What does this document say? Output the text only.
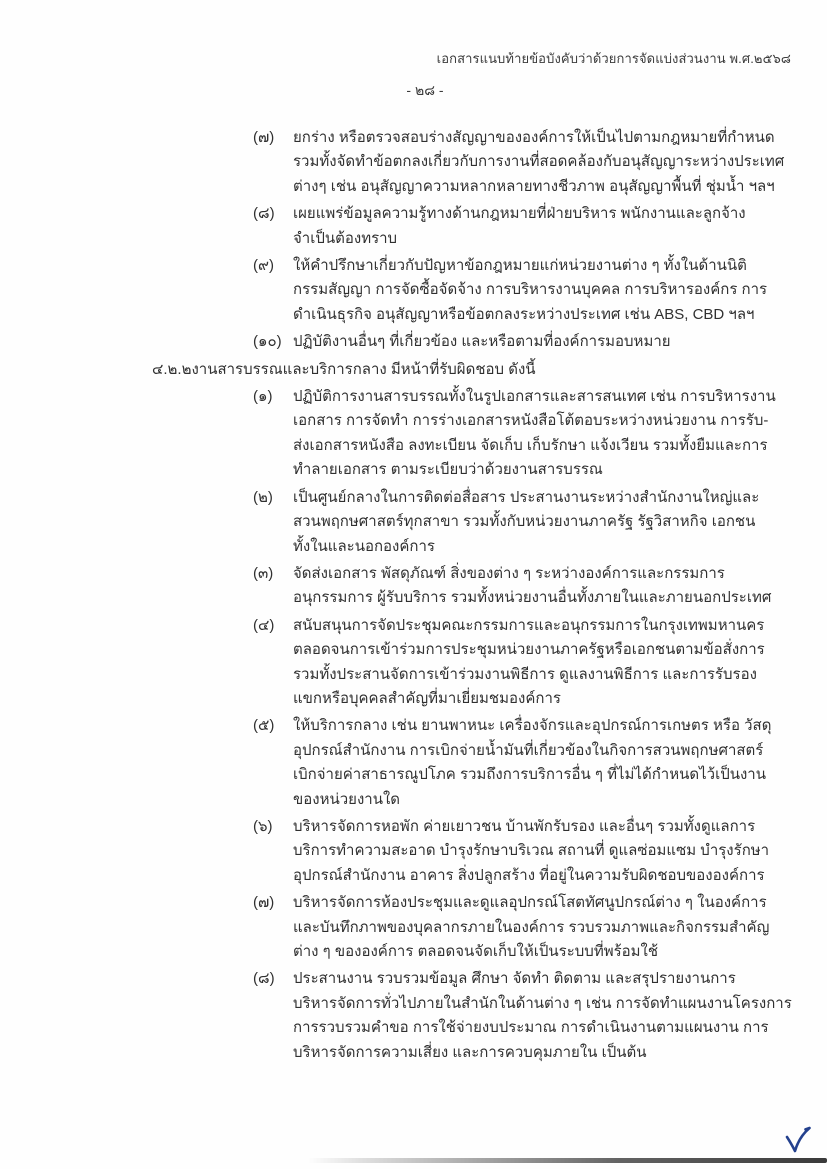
เอกสารแนบท้ายข้อบังคับว่าด้วยการจัดแบ่งส่วนงาน พ.ศ.๒๕๖๘
- ๒๘ -
(๗)	ยกร่าง หรือตรวจสอบร่างสัญญาขององค์การให้เป็นไปตามกฎหมายที่กำหนด
รวมทั้งจัดทำข้อตกลงเกี่ยวกับการงานที่สอดคล้องกับอนุสัญญาระหว่างประเทศ
ต่างๆ เช่น อนุสัญญาความหลากหลายทางชีวภาพ อนุสัญญาพื้นที่ ชุ่มน้ำ ฯลฯ
(๘)	เผยแพร่ข้อมูลความรู้ทางด้านกฎหมายที่ฝ่ายบริหาร พนักงานและลูกจ้าง
จำเป็นต้องทราบ
(๙)	ให้คำปรึกษาเกี่ยวกับปัญหาข้อกฎหมายแก่หน่วยงานต่าง ๆ ทั้งในด้านนิติ
กรรมสัญญา การจัดซื้อจัดจ้าง การบริหารงานบุคคล การบริหารองค์กร การ
ดำเนินธุรกิจ อนุสัญญาหรือข้อตกลงระหว่างประเทศ เช่น ABS, CBD ฯลฯ
(๑๐) ปฏิบัติงานอื่นๆ ที่เกี่ยวข้อง และหรือตามที่องค์การมอบหมาย
๔.๒.๒งานสารบรรณและบริการกลาง มีหน้าที่รับผิดชอบ ดังนี้
(๑)	ปฏิบัติการงานสารบรรณทั้งในรูปเอกสารและสารสนเทศ เช่น การบริหารงาน
เอกสาร การจัดทำ การร่างเอกสารหนังสือโต้ตอบระหว่างหน่วยงาน การรับ-
ส่งเอกสารหนังสือ ลงทะเบียน จัดเก็บ เก็บรักษา แจ้งเวียน รวมทั้งยืมและการ
ทำลายเอกสาร ตามระเบียบว่าด้วยงานสารบรรณ
(๒)	เป็นศูนย์กลางในการติดต่อสื่อสาร ประสานงานระหว่างสำนักงานใหญ่และ
สวนพฤกษศาสตร์ทุกสาขา รวมทั้งกับหน่วยงานภาครัฐ รัฐวิสาหกิจ เอกชน
ทั้งในและนอกองค์การ
(๓)	จัดส่งเอกสาร พัสดุภัณฑ์ สิ่งของต่าง ๆ ระหว่างองค์การและกรรมการ
อนุกรรมการ ผู้รับบริการ รวมทั้งหน่วยงานอื่นทั้งภายในและภายนอกประเทศ
(๔)	สนับสนุนการจัดประชุมคณะกรรมการและอนุกรรมการในกรุงเทพมหานคร
ตลอดจนการเข้าร่วมการประชุมหน่วยงานภาครัฐหรือเอกชนตามข้อสั่งการ
รวมทั้งประสานจัดการเข้าร่วมงานพิธีการ ดูแลงานพิธีการ และการรับรอง
แขกหรือบุคคลสำคัญที่มาเยี่ยมชมองค์การ
(๕)	ให้บริการกลาง เช่น ยานพาหนะ เครื่องจักรและอุปกรณ์การเกษตร หรือ วัสดุ
อุปกรณ์สำนักงาน การเบิกจ่ายน้ำมันที่เกี่ยวข้องในกิจการสวนพฤกษศาสตร์
เบิกจ่ายค่าสาธารณูปโภค รวมถึงการบริการอื่น ๆ ที่ไม่ได้กำหนดไว้เป็นงาน
ของหน่วยงานใด
(๖)	บริหารจัดการหอพัก ค่ายเยาวชน บ้านพักรับรอง และอื่นๆ รวมทั้งดูแลการ
บริการทำความสะอาด บำรุงรักษาบริเวณ สถานที่ ดูแลซ่อมแซม บำรุงรักษา
อุปกรณ์สำนักงาน อาคาร สิ่งปลูกสร้าง ที่อยู่ในความรับผิดชอบขององค์การ
(๗)	บริหารจัดการห้องประชุมและดูแลอุปกรณ์โสตทัศนูปกรณ์ต่าง ๆ ในองค์การ
และบันทึกภาพของบุคลากรภายในองค์การ รวบรวมภาพและกิจกรรมสำคัญ
ต่าง ๆ ขององค์การ ตลอดจนจัดเก็บให้เป็นระบบที่พร้อมใช้
(๘)	ประสานงาน รวบรวมข้อมูล ศึกษา จัดทำ ติดตาม และสรุปรายงานการ
บริหารจัดการทั่วไปภายในสำนักในด้านต่าง ๆ เช่น การจัดทำแผนงานโครงการ
การรวบรวมคำขอ การใช้จ่ายงบประมาณ การดำเนินงานตามแผนงาน การ
บริหารจัดการความเสี่ยง และการควบคุมภายใน เป็นต้น
